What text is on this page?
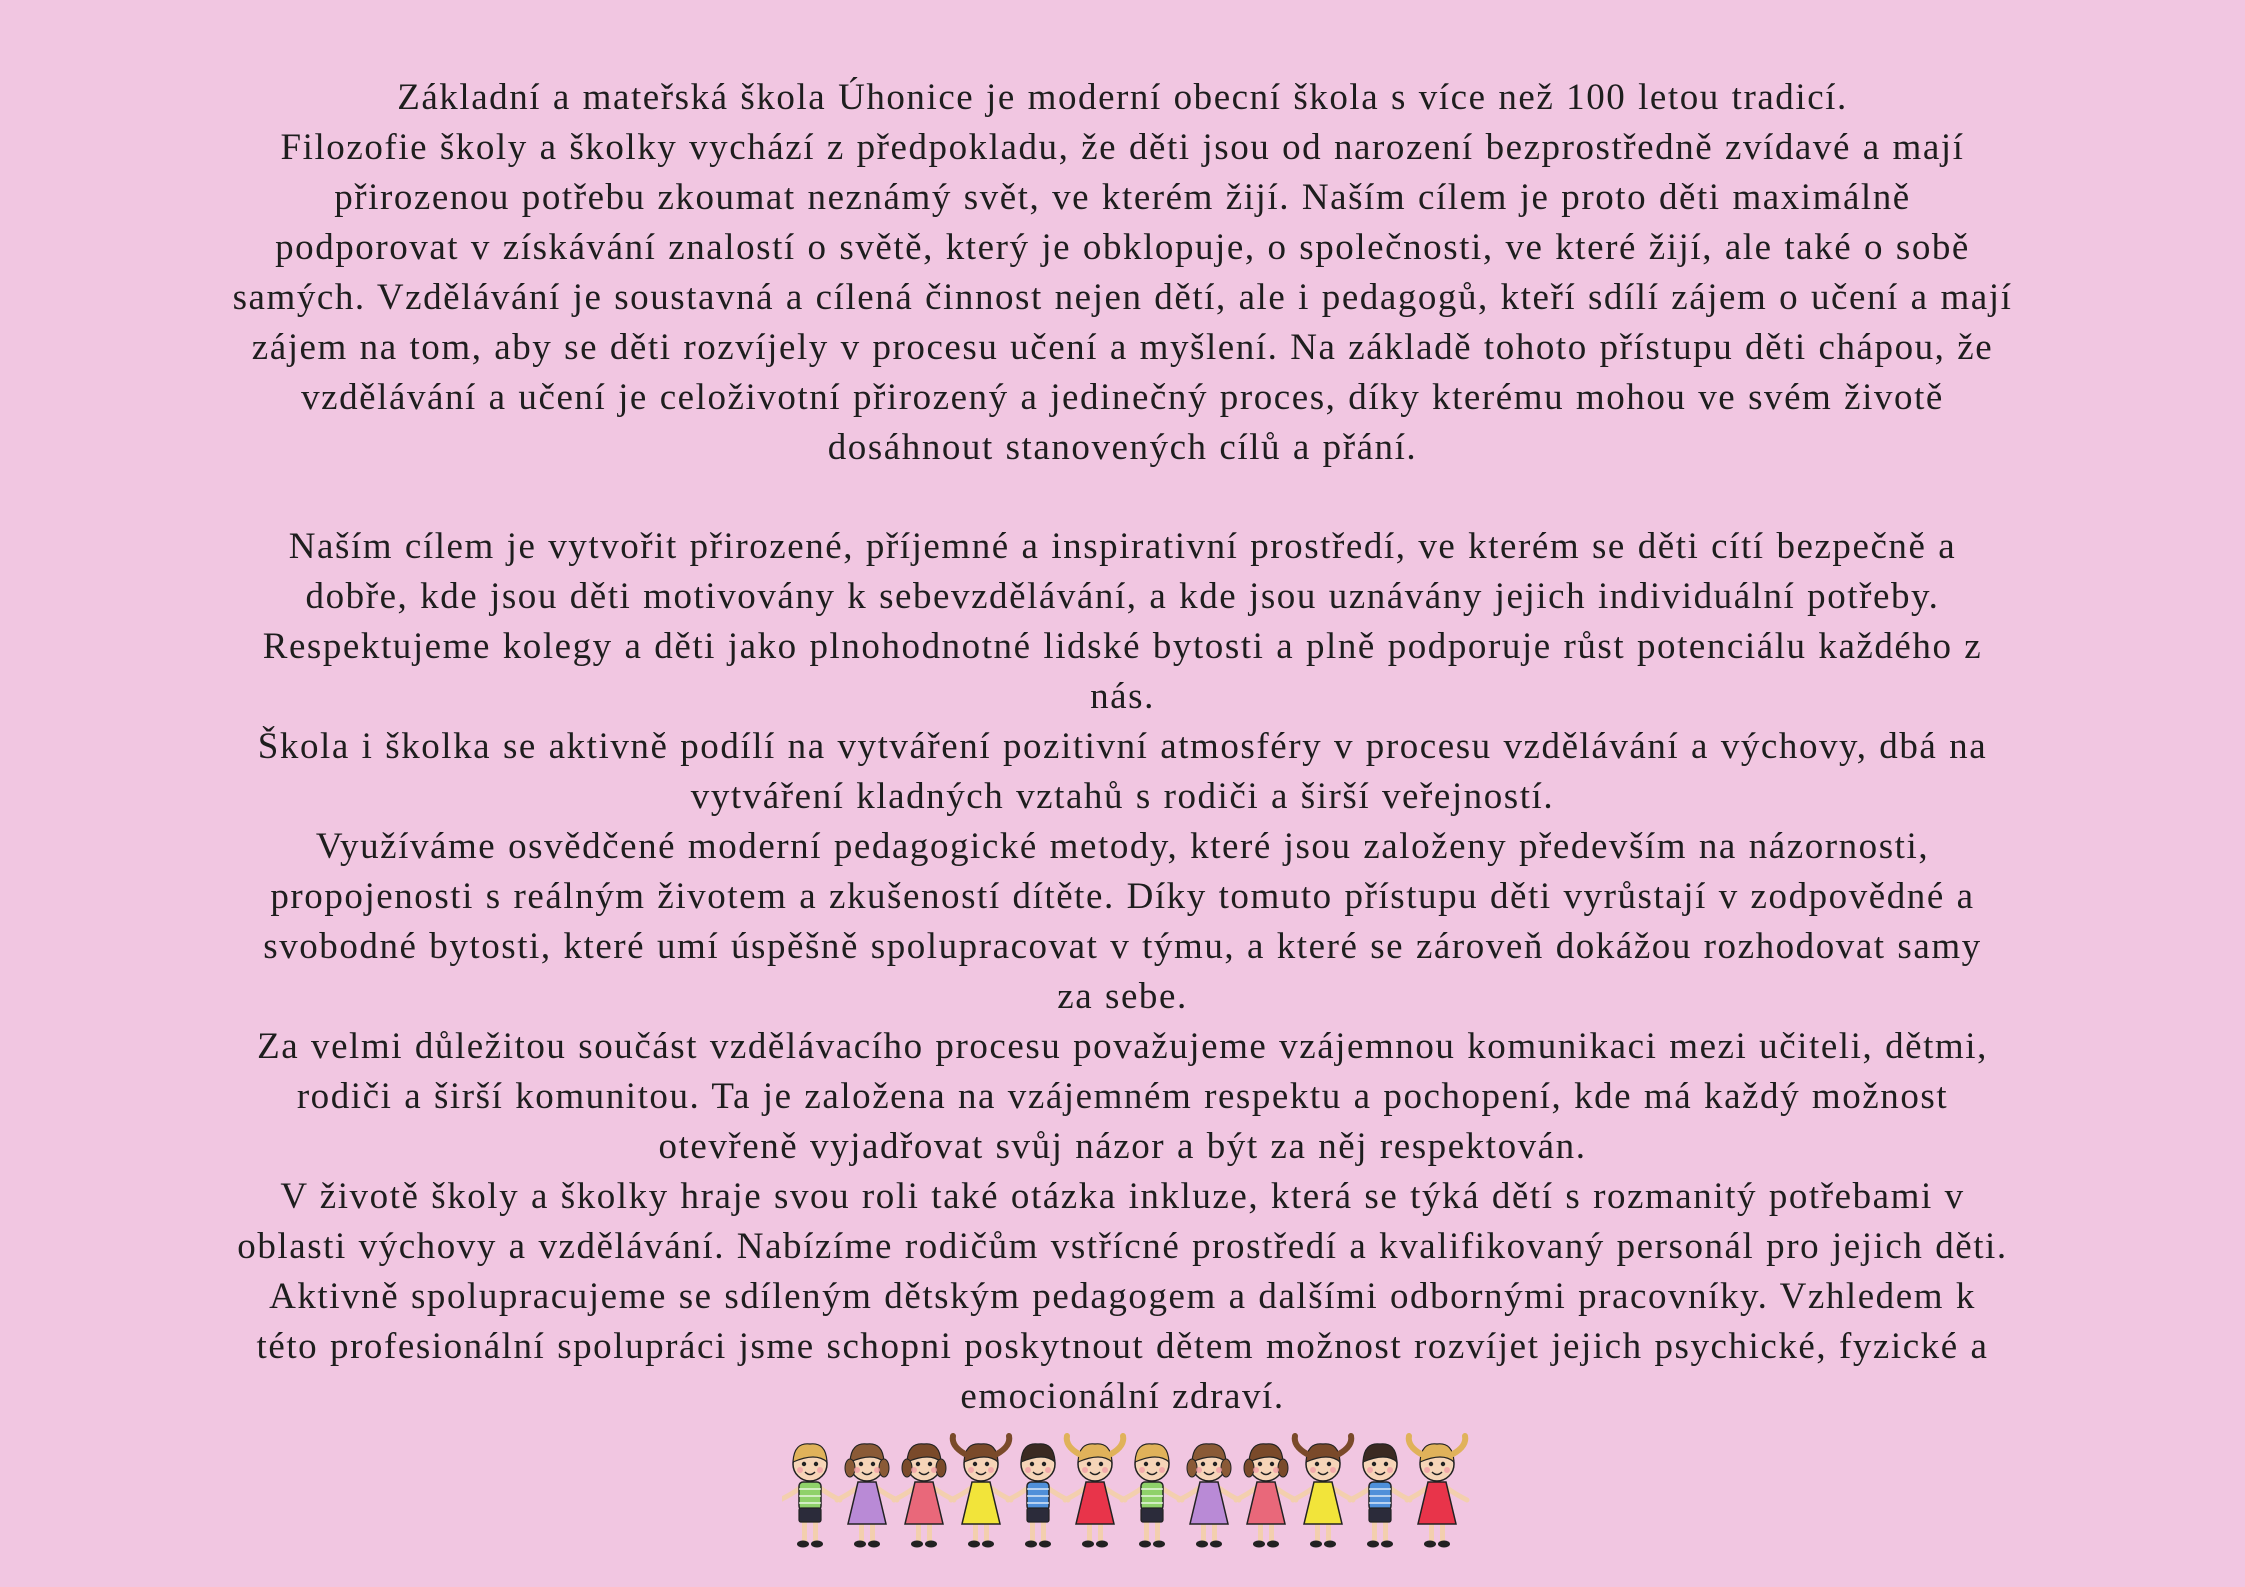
Základní a mateřská škola Úhonice je moderní obecní škola s více než 100 letou tradicí.
Filozofie školy a školky vychází z předpokladu, že děti jsou od narození bezprostředně zvídavé a mají
přirozenou potřebu zkoumat neznámý svět, ve kterém žijí. Naším cílem je proto děti maximálně
podporovat v získávání znalostí o světě, který je obklopuje, o společnosti, ve které žijí, ale také o sobě
samých. Vzdělávání je soustavná a cílená činnost nejen dětí, ale i pedagogů, kteří sdílí zájem o učení a mají
zájem na tom, aby se děti rozvíjely v procesu učení a myšlení. Na základě tohoto přístupu děti chápou, že
vzdělávání a učení je celoživotní přirozený a jedinečný proces, díky kterému mohou ve svém životě
dosáhnout stanovených cílů a přání.
Naším cílem je vytvořit přirozené, příjemné a inspirativní prostředí, ve kterém se děti cítí bezpečně a
dobře, kde jsou děti motivovány k sebevzdělávání, a kde jsou uznávány jejich individuální potřeby.
Respektujeme kolegy a děti jako plnohodnotné lidské bytosti a plně podporuje růst potenciálu každého z
nás.
Škola i školka se aktivně podílí na vytváření pozitivní atmosféry v procesu vzdělávání a výchovy, dbá na
vytváření kladných vztahů s rodiči a širší veřejností.
Využíváme osvědčené moderní pedagogické metody, které jsou založeny především na názornosti,
propojenosti s reálným životem a zkušeností dítěte. Díky tomuto přístupu děti vyrůstají v zodpovědné a
svobodné bytosti, které umí úspěšně spolupracovat v týmu, a které se zároveň dokážou rozhodovat samy
za sebe.
Za velmi důležitou součást vzdělávacího procesu považujeme vzájemnou komunikaci mezi učiteli, dětmi,
rodiči a širší komunitou. Ta je založena na vzájemném respektu a pochopení, kde má každý možnost
otevřeně vyjadřovat svůj názor a být za něj respektován.
V životě školy a školky hraje svou roli také otázka inkluze, která se týká dětí s rozmanitý potřebami v
oblasti výchovy a vzdělávání. Nabízíme rodičům vstřícné prostředí a kvalifikovaný personál pro jejich děti.
Aktivně spolupracujeme se sdíleným dětským pedagogem a dalšími odbornými pracovníky. Vzhledem k
této profesionální spolupráci jsme schopni poskytnout dětem možnost rozvíjet jejich psychické, fyzické a
emocionální zdraví.
